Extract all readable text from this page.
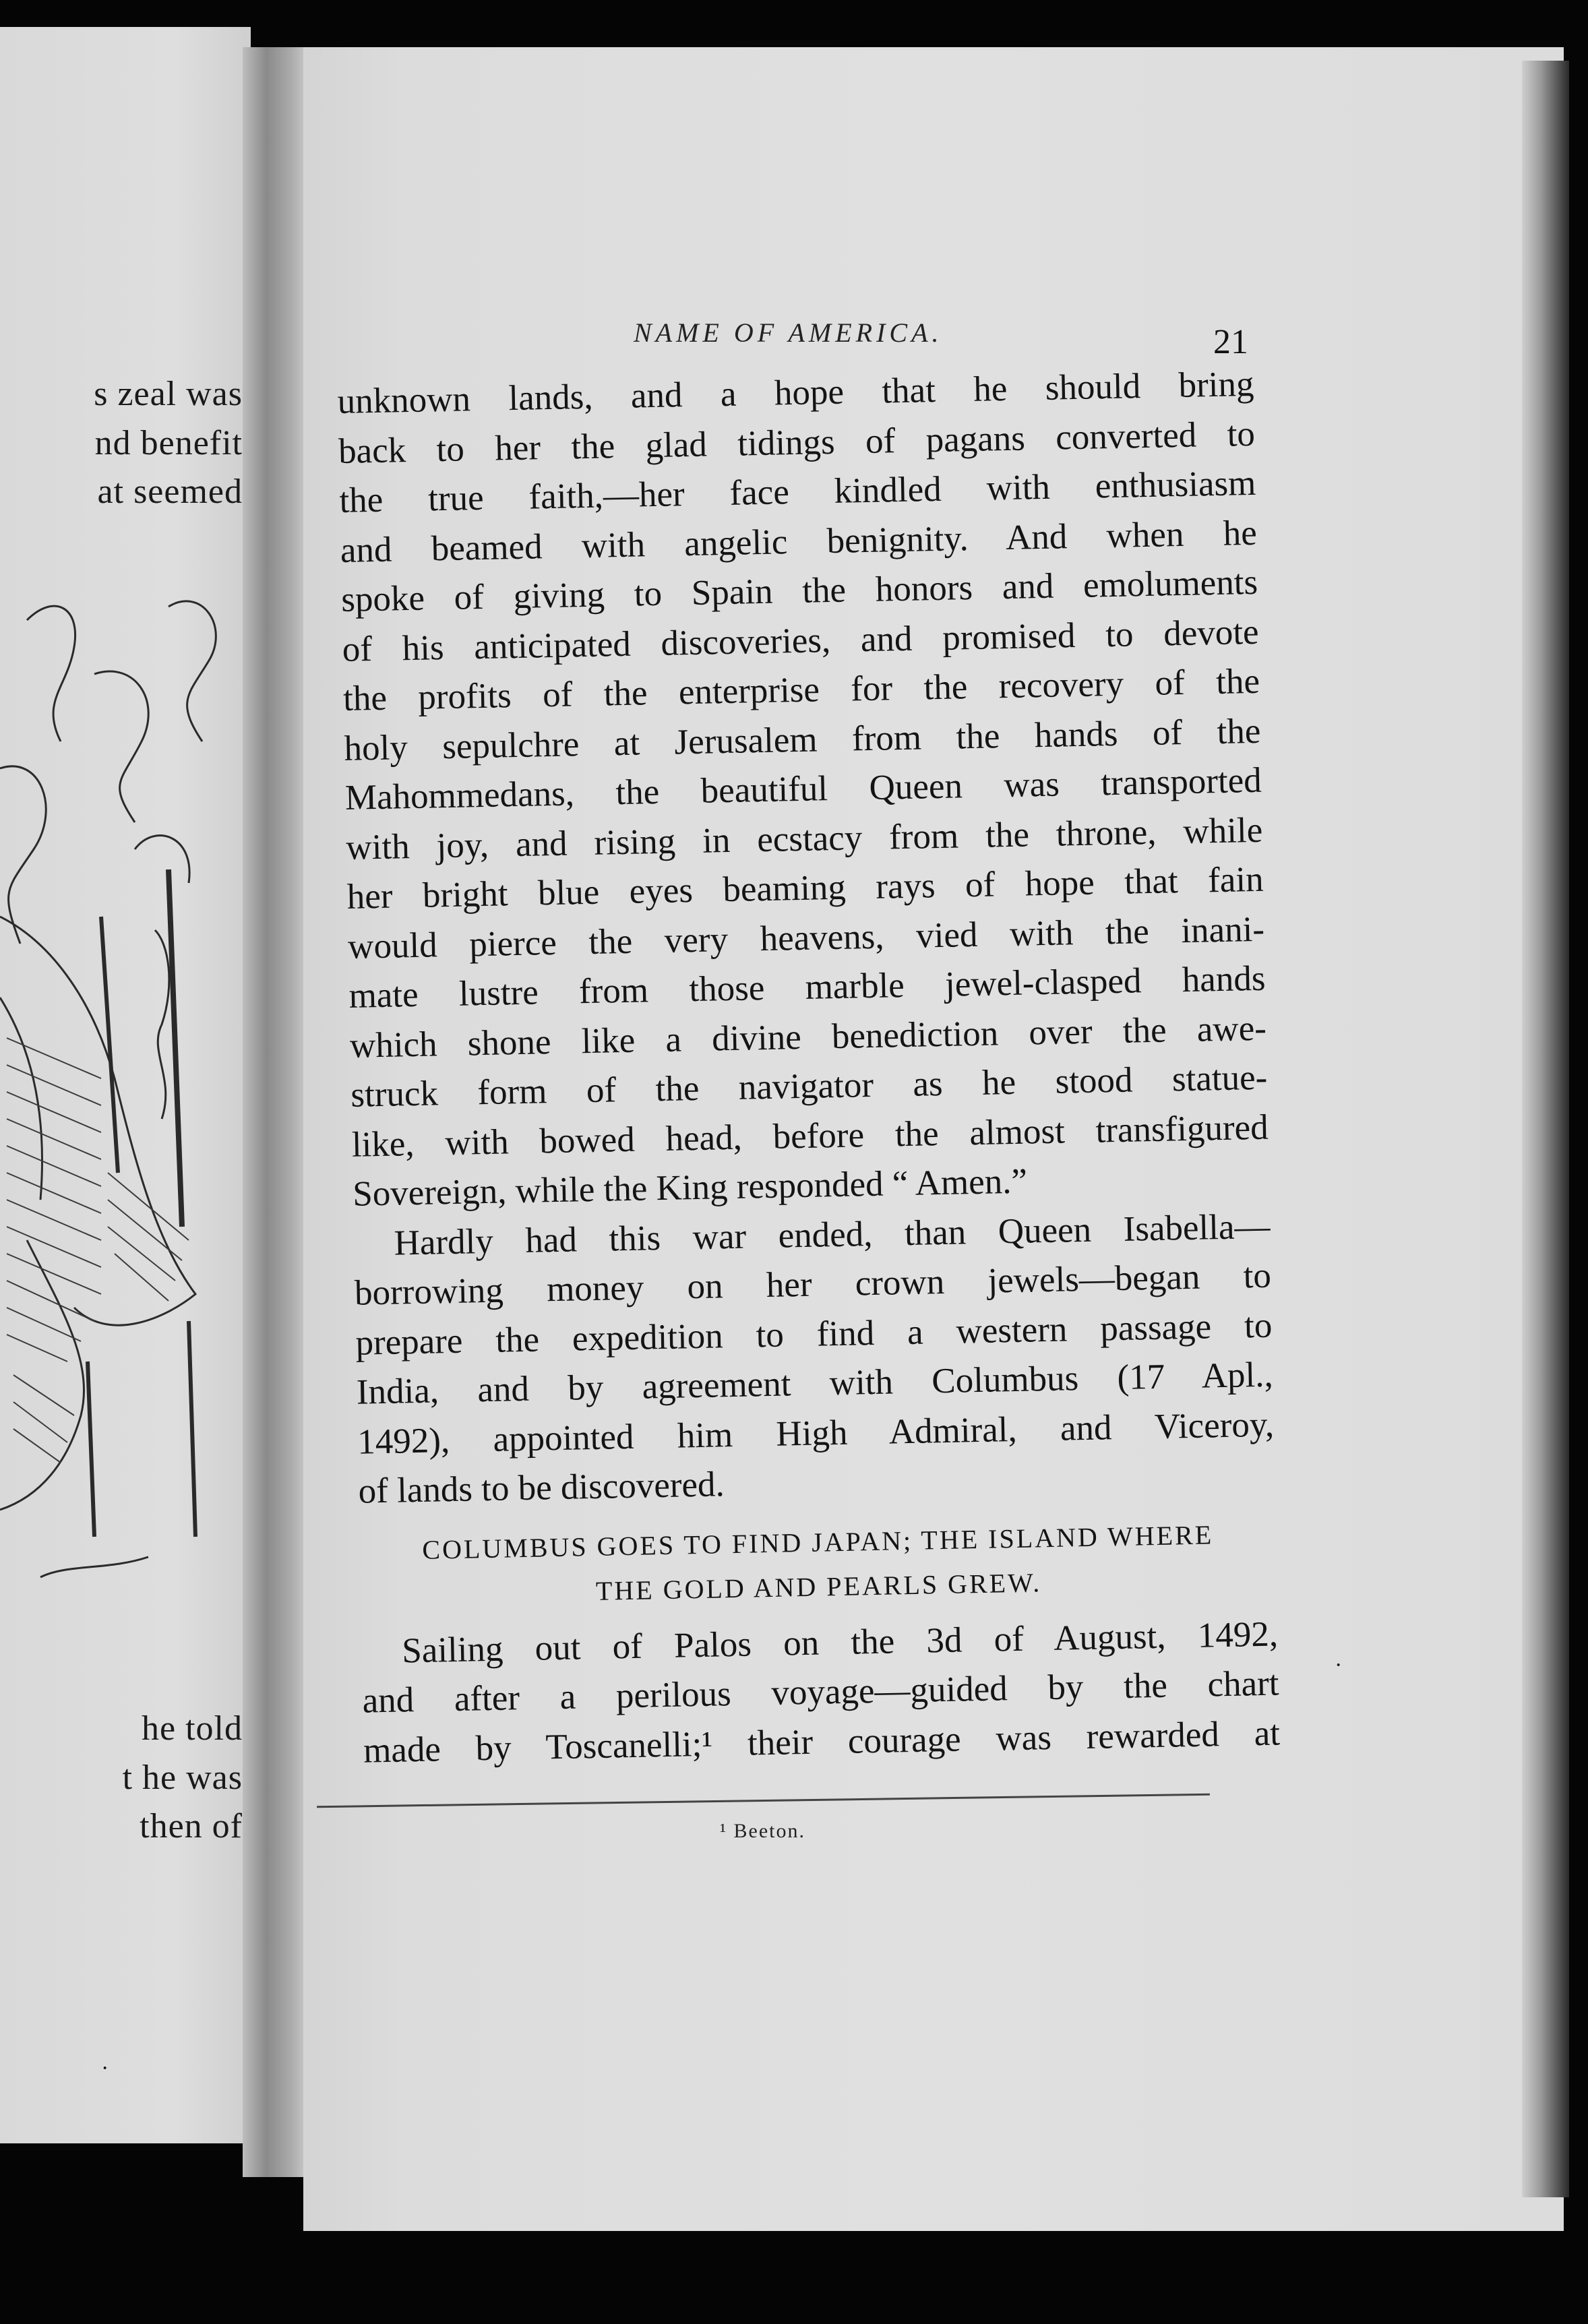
s zeal was
nd benefit
at seemed
he told
t he was
then of
NAME OF AMERICA.	21
unknown lands, and a hope that he should bring
back to her the glad tidings of pagans converted to
the true faith,—her face kindled with enthusiasm
and beamed with angelic benignity. And when he
spoke of giving to Spain the honors and emoluments
of his anticipated discoveries, and promised to devote
the profits of the enterprise for the recovery of the
holy sepulchre at Jerusalem from the hands of the
Mahommedans, the beautiful Queen was transported
with joy, and rising in ecstacy from the throne, while
her bright blue eyes beaming rays of hope that fain
would pierce the very heavens, vied with the inani-
mate lustre from those marble jewel-clasped hands
which shone like a divine benediction over the awe-
struck form of the navigator as he stood statue-
like, with bowed head, before the almost transfigured
Sovereign, while the King responded “ Amen.”
Hardly had this war ended, than Queen Isabella—
borrowing money on her crown jewels—began to
prepare the expedition to find a western passage to
India, and by agreement with Columbus (17 Apl.,
1492), appointed him High Admiral, and Viceroy,
of lands to be discovered.
COLUMBUS GOES TO FIND JAPAN; THE ISLAND WHERE
THE GOLD AND PEARLS GREW.
Sailing out of Palos on the 3d of August, 1492,
and after a perilous voyage—guided by the chart
made by Toscanelli;¹ their courage was rewarded at
¹ Beeton.
·
·
